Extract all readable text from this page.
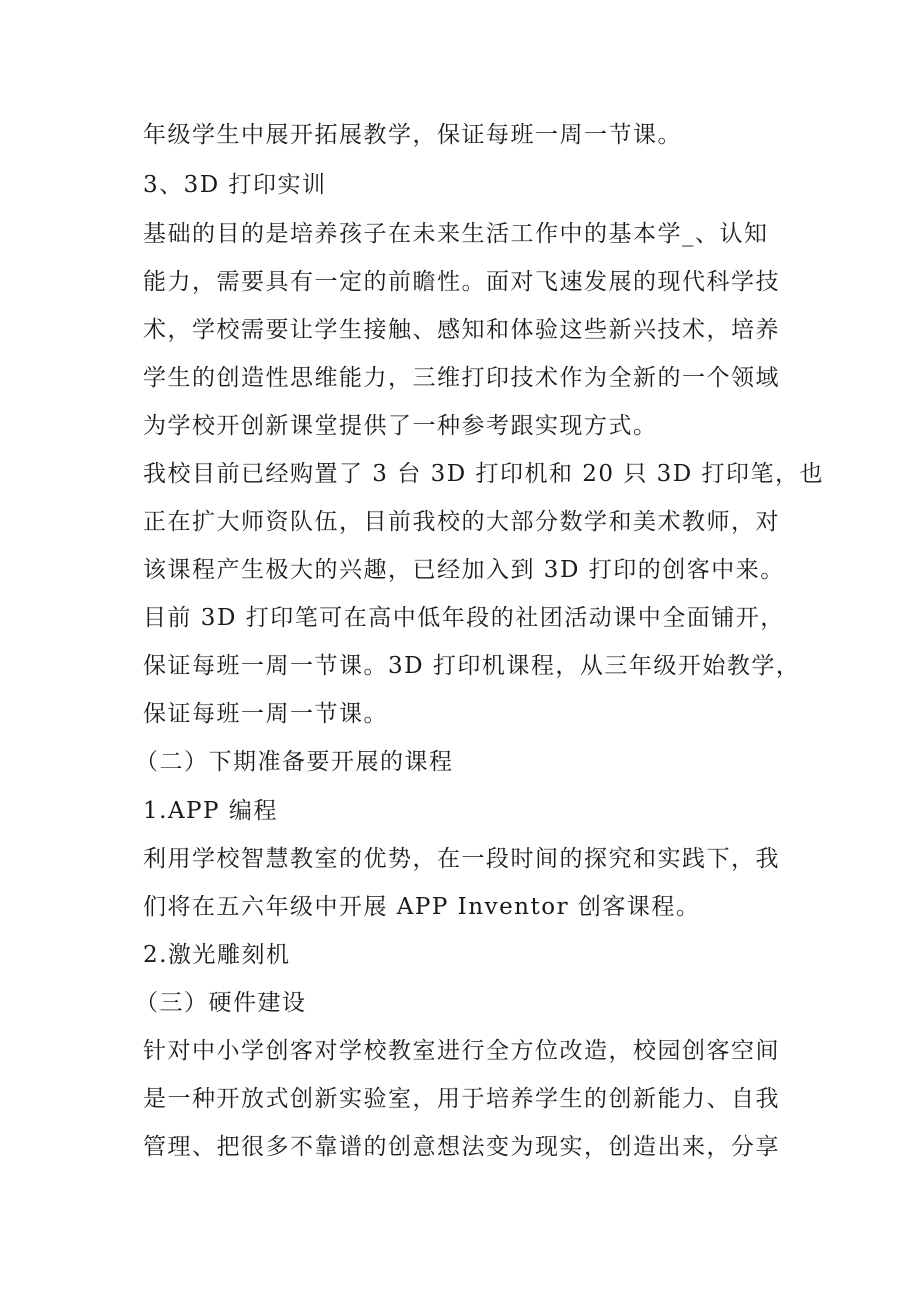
年级学生中展开拓展教学，保证每班一周一节课。
3、3D 打印实训
基础的目的是培养孩子在未来生活工作中的基本学_、认知
能力，需要具有一定的前瞻性。面对飞速发展的现代科学技
术，学校需要让学生接触、感知和体验这些新兴技术，培养
学生的创造性思维能力，三维打印技术作为全新的一个领域
为学校开创新课堂提供了一种参考跟实现方式。
我校目前已经购置了 3 台 3D 打印机和 20 只 3D 打印笔，也
正在扩大师资队伍，目前我校的大部分数学和美术教师，对
该课程产生极大的兴趣，已经加入到 3D 打印的创客中来。
目前 3D 打印笔可在高中低年段的社团活动课中全面铺开，
保证每班一周一节课。3D 打印机课程，从三年级开始教学，
保证每班一周一节课。
（二）下期准备要开展的课程
1.APP 编程
利用学校智慧教室的优势，在一段时间的探究和实践下，我
们将在五六年级中开展 APP Inventor 创客课程。
2.激光雕刻机
（三）硬件建设
针对中小学创客对学校教室进行全方位改造，校园创客空间
是一种开放式创新实验室，用于培养学生的创新能力、自我
管理、把很多不靠谱的创意想法变为现实，创造出来，分享
